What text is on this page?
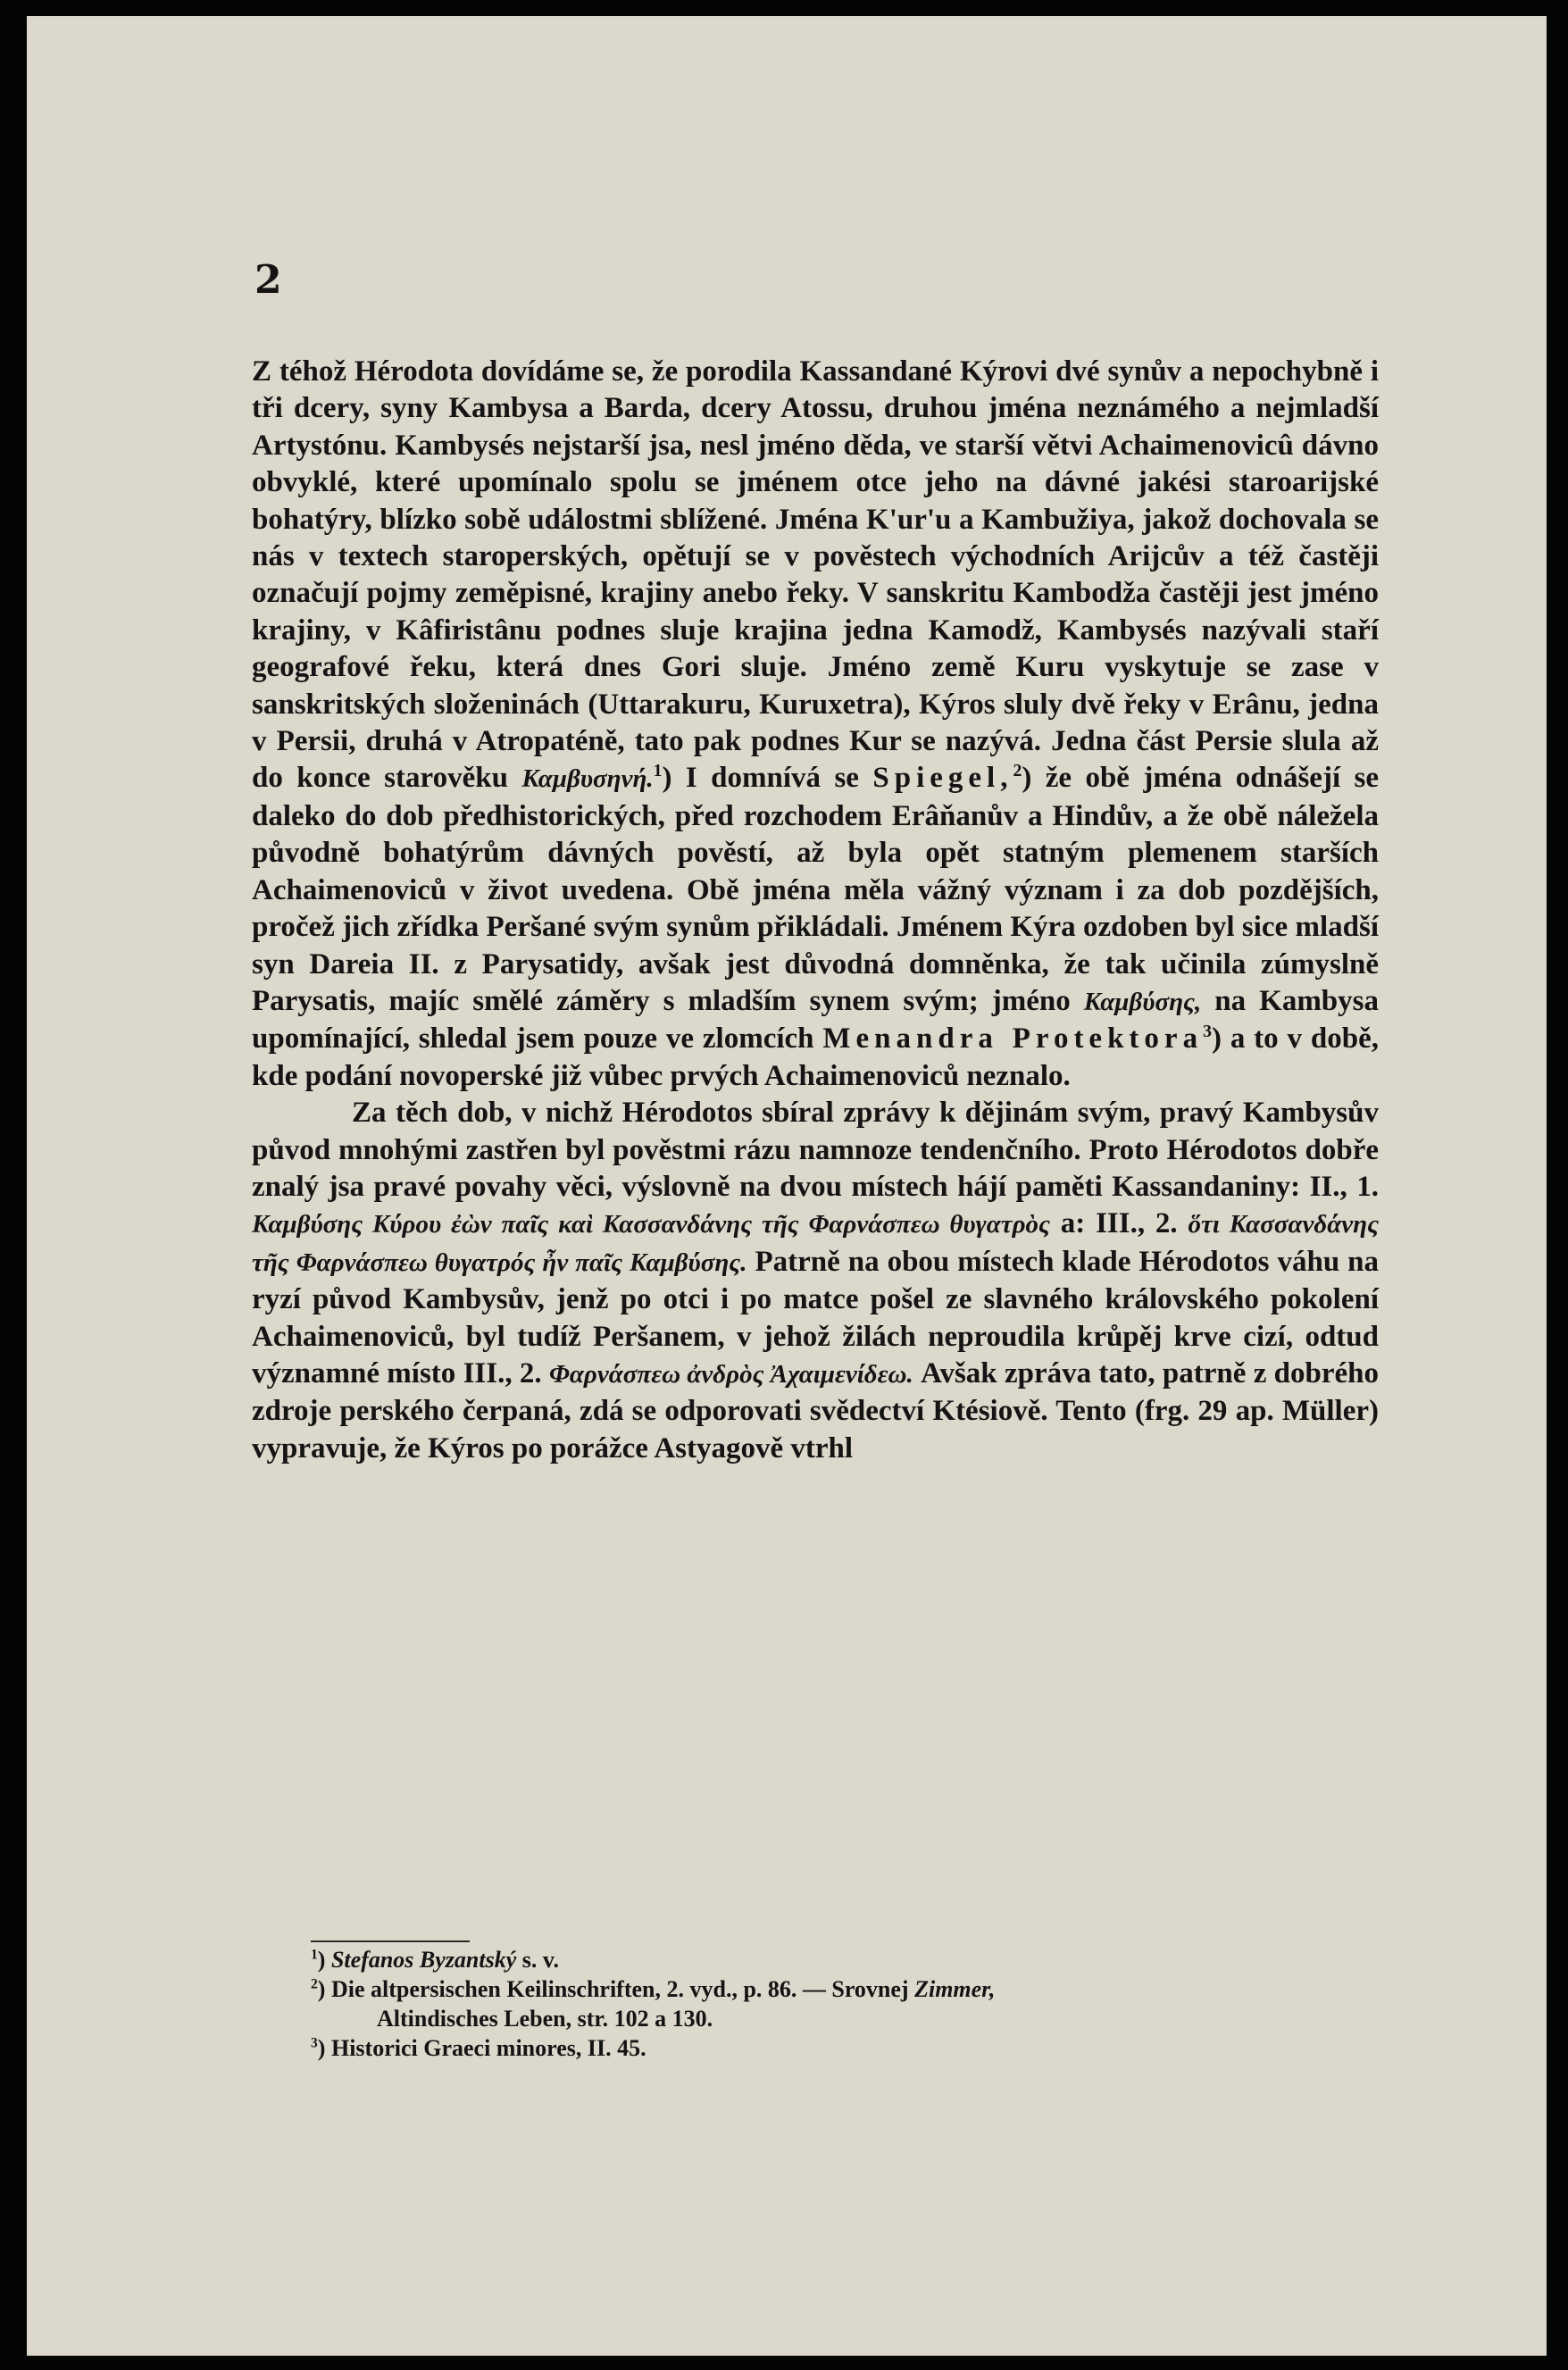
2

Z téhož Hérodota dovídáme se, že porodila Kassandané Kýrovi dvé synův a nepochybně i tři dcery, syny Kambysa a Barda, dcery Atossu, druhou jména neznámého a nejmladší Artystónu. Kambysés nejstarší jsa, nesl jméno děda, ve starší větvi Achaimenovicû dávno obvyklé, které upomínalo spolu se jménem otce jeho na dávné jakési staroarijské bohatýry, blízko sobě událostmi sblížené. Jména K'ur'u a Kambužiya, jakož dochovala se nás v textech staroperských, opětují se v pověstech východních Arijcův a též častěji označují pojmy zeměpisné, krajiny anebo řeky. V sanskritu Kambodža častěji jest jméno krajiny, v Kâfiristânu podnes sluje krajina jedna Kamodž, Kambysés nazývali staří geografové řeku, která dnes Gori sluje. Jméno země Kuru vyskytuje se zase v sanskritských složeninách (Uttarakuru, Kuruxetra), Kýros sluly dvě řeky v Erânu, jedna v Persii, druhá v Atropaténě, tato pak podnes Kur se nazývá. Jedna část Persie slula až do konce starověku Καμβυσηνή.$^1$) I domnívá se Spiegel,$^2$) že obě jména odnášejí se daleko do dob předhistorických, před rozchodem Erâňanův a Hindův, a že obě náležela původně bohatýrům dávných pověstí, až byla opět statným plemenem starších Achaimenoviců v život uvedena. Obě jména měla vážný význam i za dob pozdějších, pročež jich zřídka Peršané svým synům přikládali. Jménem Kýra ozdoben byl sice mladší syn Dareia II. z Parysatidy, avšak jest důvodná domněnka, že tak učinila zúmyslně Parysatis, majíc smělé záměry s mladším synem svým; jméno Καμβύσης, na Kambysa upomínající, shledal jsem pouze ve zlomcích Menandra Protektora$^3$) a to v době, kde podání novoperské již vůbec prvých Achaimenoviců neznalo.

Za těch dob, v nichž Hérodotos sbíral zprávy k dějinám svým, pravý Kambysův původ mnohými zastřen byl pověstmi rázu namnoze tendenčního. Proto Hérodotos dobře znalý jsa pravé povahy věci, výslovně na dvou místech hájí paměti Kassandaniny: II., 1. Καμβύσης Κύρου ἐὼν παῖς καὶ Κασσανδάνης τῆς Φαρνάσπεω θυγατρὸς a: III., 2. ὅτι Κασσανδάνης τῆς Φαρνάσπεω θυγατρός ἦν παῖς Καμβύσης. Patrně na obou místech klade Hérodotos váhu na ryzí původ Kambysův, jenž po otci i po matce pošel ze slavného královského pokolení Achaimenoviců, byl tudíž Peršanem, v jehož žilách neproudila krůpěj krve cizí, odtud významné místo III., 2. Φαρνάσπεω ἀνδρὸς Ἀχαιμενίδεω. Avšak zpráva tato, patrně z dobrého zdroje perského čerpaná, zdá se odporovati svědectví Ktésiově. Tento (frg. 29 ap. Müller) vypravuje, že Kýros po porážce Astyagově vtrhl

$^1$) Stefanos Byzantský s. v.

$^2$) Die altpersischen Keilinschriften, 2. vyd., p. 86. — Srovnej Zimmer,

Altindisches Leben, str. 102 a 130.

$^3$) Historici Graeci minores, II. 45.
